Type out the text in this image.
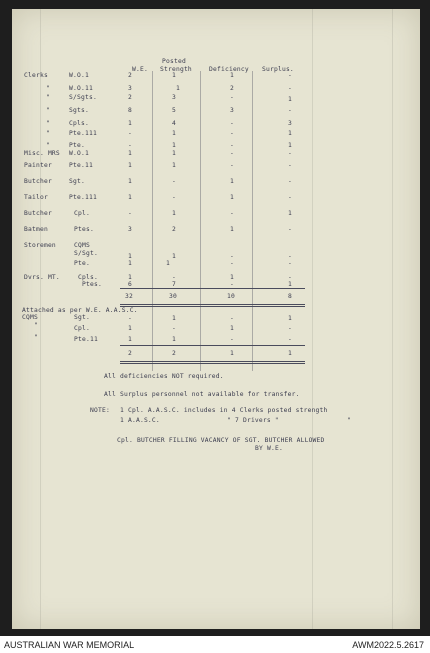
W.E.
Posted
Strength	Deficiency Surplus.
Clerks	W.O.1	2	1	1	-
"	W.O.11	3	1	2	-
"	S/Sgts.	2	3	-	1
"	Sgts.	8	5	3	-
"	Cpls.	1	4	-	3
"	Pte.111	-	1	-	1
"	Pte.	-	1	-	1
Misc. MRS W.O.1	1	1	-	-
Painter	Pte.11	1	1	-	-
Butcher	Sgt.	1	-	1	-
Tailor	Pte.111	1	-	1	-
Butcher	Cpl.	-	1	-	1
Batmen	Ptes.	3	2	1	-
Storemen	CQMS
S/Sgt.	1	1	-	-
Pte.	1	1	-	-
Dvrs. MT.	Cpls.	1	-	1	-
Ptes.	6	7	-	1
32	30	10	8
Attached as per W.E. A.A.S.C.
CQMS	Sgt.	-	1	-	1
"	Cpl.	1	-	1	-
"	Pte.11	1	1	-	-
2	2	1	1
All deficiencies NOT required.
All Surplus personnel not available for transfer.
NOTE: 1 Cpl. A.A.S.C. includes in 4 Clerks posted strength
1 A.A.S.C.	" 7 Drivers "	"
Cpl. BUTCHER FILLING VACANCY OF SGT. BUTCHER ALLOWED
BY W.E.
AUSTRALIAN WAR MEMORIAL	AWM2022.5.2617
